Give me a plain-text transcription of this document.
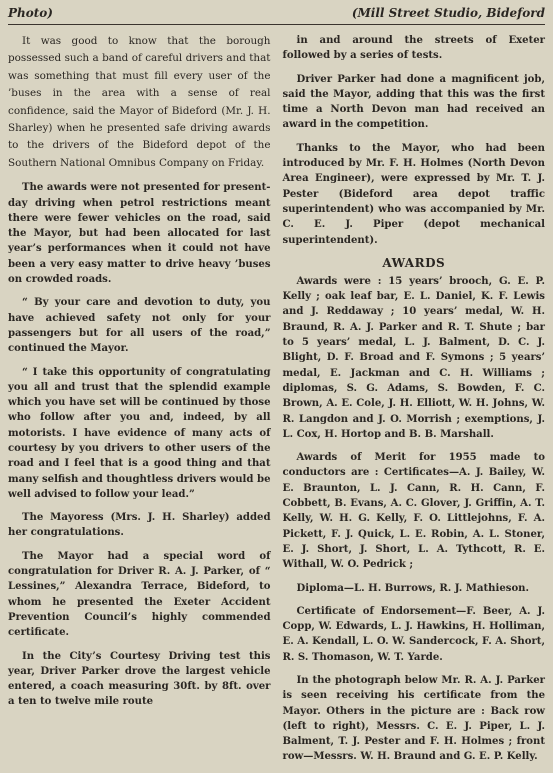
Photo)	(Mill Street Studio, Bideford

It was good to know that the borough possessed such a band of careful drivers and that was something that must fill every user of the ’buses in the area with a sense of real confidence, said the Mayor of Bideford (Mr. J. H. Sharley) when he presented safe driving awards to the drivers of the Bideford depot of the Southern National Omnibus Company on Friday.

The awards were not presented for present-day driving when petrol restrictions meant there were fewer vehicles on the road, said the Mayor, but had been allocated for last year’s performances when it could not have been a very easy matter to drive heavy ’buses on crowded roads.

“ By your care and devotion to duty, you have achieved safety not only for your passengers but for all users of the road,” continued the Mayor.

“ I take this opportunity of congratulating you all and trust that the splendid example which you have set will be continued by those who follow after you and, indeed, by all motorists. I have evidence of many acts of courtesy by you drivers to other users of the road and I feel that is a good thing and that many selfish and thoughtless drivers would be well advised to follow your lead.”

The Mayoress (Mrs. J. H. Sharley) added her congratulations.

The Mayor had a special word of congratulation for Driver R. A. J. Parker, of “ Lessines,” Alexandra Terrace, Bideford, to whom he presented the Exeter Accident Prevention Council’s highly commended certificate.

In the City’s Courtesy Driving test this year, Driver Parker drove the largest vehicle entered, a coach measuring 30ft. by 8ft. over a ten to twelve mile route

in and around the streets of Exeter followed by a series of tests.

Driver Parker had done a magnificent job, said the Mayor, adding that this was the first time a North Devon man had received an award in the competition.

Thanks to the Mayor, who had been introduced by Mr. F. H. Holmes (North Devon Area Engineer), were expressed by Mr. T. J. Pester (Bideford area depot traffic superintendent) who was accompanied by Mr. C. E. J. Piper (depot mechanical superintendent).

AWARDS

Awards were : 15 years’ brooch, G. E. P. Kelly ; oak leaf bar, E. L. Daniel, K. F. Lewis and J. Reddaway ; 10 years’ medal, W. H. Braund, R. A. J. Parker and R. T. Shute ; bar to 5 years’ medal, L. J. Balment, D. C. J. Blight, D. F. Broad and F. Symons ; 5 years’ medal, E. Jackman and C. H. Williams ; diplomas, S. G. Adams, S. Bowden, F. C. Brown, A. E. Cole, J. H. Elliott, W. H. Johns, W. R. Langdon and J. O. Morrish ; exemptions, J. L. Cox, H. Hortop and B. B. Marshall.

Awards of Merit for 1955 made to conductors are : Certificates—A. J. Bailey, W. E. Braunton, L. J. Cann, R. H. Cann, F. Cobbett, B. Evans, A. C. Glover, J. Griffin, A. T. Kelly, W. H. G. Kelly, F. O. Littlejohns, F. A. Pickett, F. J. Quick, L. E. Robin, A. L. Stoner, E. J. Short, J. Short, L. A. Tythcott, R. E. Withall, W. O. Pedrick ;

Diploma—L. H. Burrows, R. J. Mathieson.

Certificate of Endorsement—F. Beer, A. J. Copp, W. Edwards, L. J. Hawkins, H. Holliman, E. A. Kendall, L. O. W. Sandercock, F. A. Short, R. S. Thomason, W. T. Yarde.

In the photograph below Mr. R. A. J. Parker is seen receiving his certificate from the Mayor. Others in the picture are : Back row (left to right), Messrs. C. E. J. Piper, L. J. Balment, T. J. Pester and F. H. Holmes ; front row—Messrs. W. H. Braund and G. E. P. Kelly.
